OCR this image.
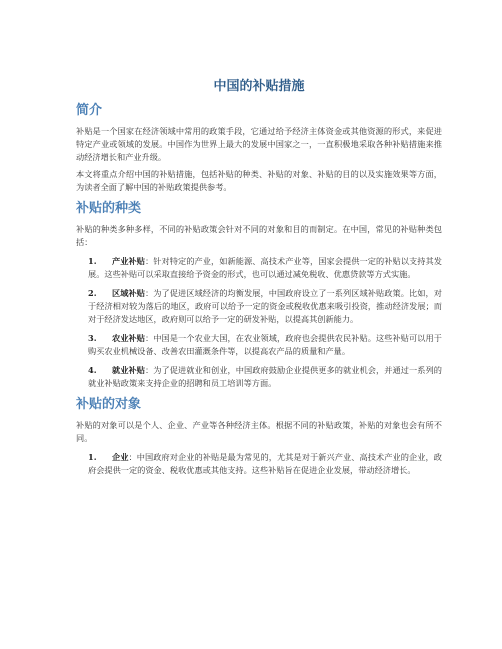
中国的补贴措施
简介

补贴是一个国家在经济领域中常用的政策手段，它通过给予经济主体资金或其他资源的形式，来促进特定产业或领域的发展。中国作为世界上最大的发展中国家之一，一直积极地采取各种补贴措施来推动经济增长和产业升级。

本文将重点介绍中国的补贴措施，包括补贴的种类、补贴的对象、补贴的目的以及实施效果等方面，为读者全面了解中国的补贴政策提供参考。

补贴的种类

补贴的种类多种多样，不同的补贴政策会针对不同的对象和目的而制定。在中国，常见的补贴种类包括：

1. 产业补贴：针对特定的产业，如新能源、高技术产业等，国家会提供一定的补贴以支持其发展。这些补贴可以采取直接给予资金的形式，也可以通过减免税收、优惠贷款等方式实施。
2. 区域补贴：为了促进区域经济的均衡发展，中国政府设立了一系列区域补贴政策。比如，对于经济相对较为落后的地区，政府可以给予一定的资金或税收优惠来吸引投资，推动经济发展；而对于经济发达地区，政府则可以给予一定的研发补贴，以提高其创新能力。
3. 农业补贴：中国是一个农业大国，在农业领域，政府也会提供农民补贴。这些补贴可以用于购买农业机械设备、改善农田灌溉条件等，以提高农产品的质量和产量。
4. 就业补贴：为了促进就业和创业，中国政府鼓励企业提供更多的就业机会，并通过一系列的就业补贴政策来支持企业的招聘和员工培训等方面。
补贴的对象

补贴的对象可以是个人、企业、产业等各种经济主体。根据不同的补贴政策，补贴的对象也会有所不同。

1. 企业：中国政府对企业的补贴是最为常见的，尤其是对于新兴产业、高技术产业的企业，政府会提供一定的资金、税收优惠或其他支持。这些补贴旨在促进企业发展，带动经济增长。
